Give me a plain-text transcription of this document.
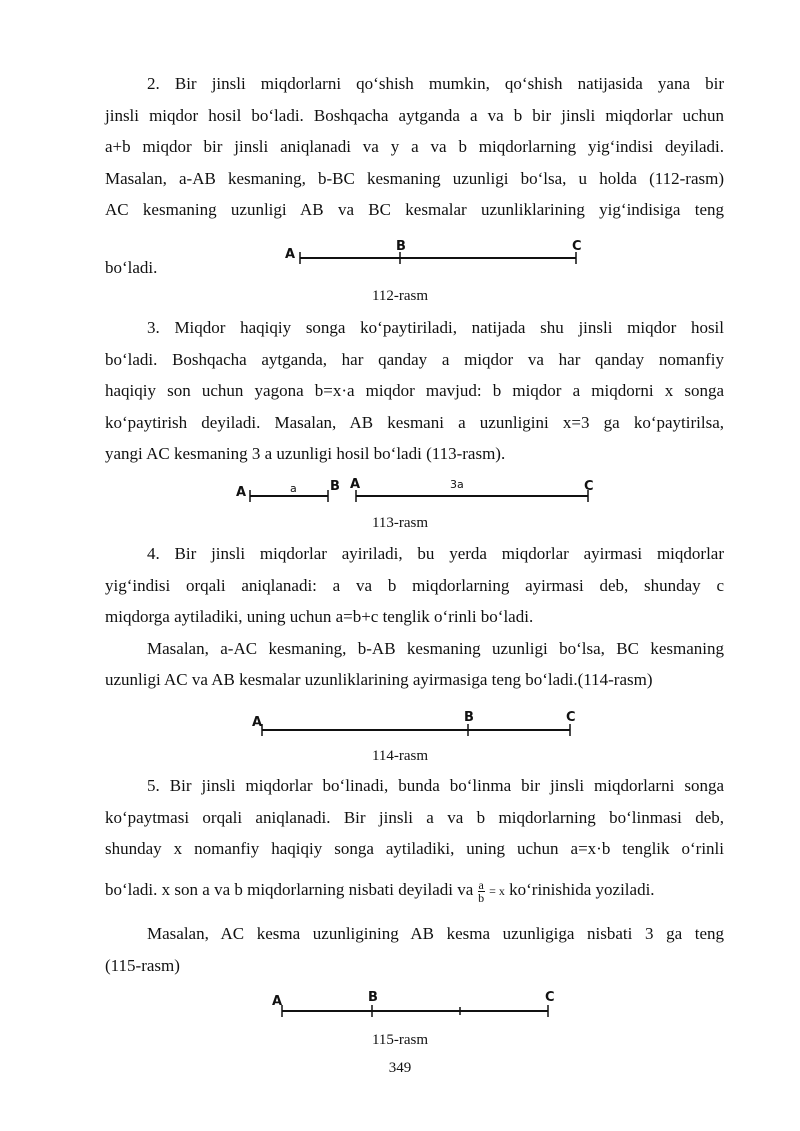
2. Bir jinsli miqdorlarni qo‘shish mumkin, qo‘shish natijasida yana bir
jinsli miqdor hosil bo‘ladi. Boshqacha aytganda a va b bir jinsli miqdorlar uchun
a+b miqdor bir jinsli aniqlanadi va y a va b miqdorlarning yig‘indisi deyiladi.
Masalan, a-AB kesmaning, b-BC kesmaning uzunligi bo‘lsa, u holda (112-rasm)
AC kesmaning uzunligi AB va BC kesmalar uzunliklarining yig‘indisiga teng
bo‘ladi.
A
B	C
112-rasm
3. Miqdor haqiqiy songa ko‘paytiriladi, natijada shu jinsli miqdor hosil
bo‘ladi. Boshqacha aytganda, har qanday a miqdor va har qanday nomanfiy
haqiqiy son uchun yagona b=x·a miqdor mavjud: b miqdor a miqdorni x songa
ko‘paytirish deyiladi. Masalan, AB kesmani a uzunligini x=3 ga ko‘paytirilsa,
yangi AC kesmaning 3 a uzunligi hosil bo‘ladi (113-rasm).
A	a	B A	3a	C
113-rasm
4. Bir jinsli miqdorlar ayiriladi, bu yerda miqdorlar ayirmasi miqdorlar
yig‘indisi orqali aniqlanadi: a va b miqdorlarning ayirmasi deb, shunday c
miqdorga aytiladiki, uning uchun a=b+c tenglik o‘rinli bo‘ladi.
Masalan, a-AC kesmaning, b-AB kesmaning uzunligi bo‘lsa, BC kesmaning
uzunligi AC va AB kesmalar uzunliklarining ayirmasiga teng bo‘ladi.(114-rasm)
A	B	C
114-rasm
5. Bir jinsli miqdorlar bo‘linadi, bunda bo‘linma bir jinsli miqdorlarni songa
ko‘paytmasi orqali aniqlanadi. Bir jinsli a va b miqdorlarning bo‘linmasi deb,
shunday x nomanfiy haqiqiy songa aytiladiki, uning uchun a=x·b tenglik o‘rinli
bo‘ladi. x son a va b miqdorlarning nisbati deyiladi va $\frac{a}{b} = x$ ko‘rinishida yoziladi.
Masalan, AC kesma uzunligining AB kesma uzunligiga nisbati 3 ga teng
(115-rasm)
A	B	C
115-rasm
349
